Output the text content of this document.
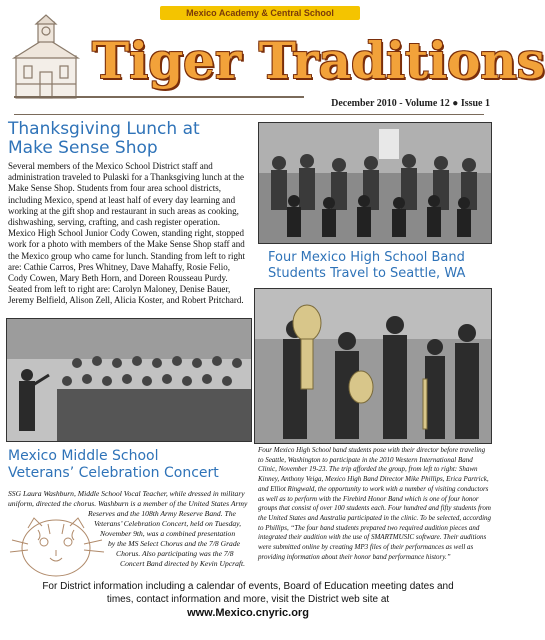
Mexico Academy & Central School
Tiger Traditions
December 2010 - Volume 12 ● Issue 1
Thanksgiving Lunch at
Make Sense Shop

Several members of the Mexico School District staff and administration traveled to Pulaski for a Thanksgiving lunch at the Make Sense Shop. Students from four area school districts, including Mexico, spend at least half of every day learning and working at the gift shop and restaurant in such areas as cooking, dishwashing, serving, crafting, and cash register operation. Mexico High School Junior Cody Cowen, standing right, stopped work for a photo with members of the Make Sense Shop staff and the Mexico group who came for lunch. Standing from left to right are: Cathie Carros, Pres Whitney, Dave Mahaffy, Rosie Felio, Cody Cowen, Mary Beth Horn, and Doreen Rousseau Purdy. Seated from left to right are: Carolyn Maloney, Denise Bauer, Jeremy Belfield, Alison Zell, Alicia Koster, and Robert Pritchard.

Four Mexico High School Band
Students Travel to Seattle, WA
Mexico Middle School
Veterans’ Celebration Concert

SSG Laura Washburn, Middle School Vocal Teacher, while dressed in military

uniform, directed the chorus. Washburn is a member of the United States Army

Reserves and the 108th Army Reserve Band. The

Veterans’ Celebration Concert, held on Tuesday,

November 9th, was a combined presentation

by the MS Select Chorus and the 7/8 Grade

Chorus. Also participating was the 7/8

Concert Band directed by Kevin Upcraft.

Four Mexico High School band students pose with their director before traveling to Seattle, Washington to participate in the 2010 Western International Band Clinic, November 19-23. The trip afforded the group, from left to right: Shawn Kinney, Anthony Veiga, Mexico High Band Director Mike Phillips, Erica Partrick, and Elliot Ringwald, the opportunity to work with a number of visiting conductors as well as to perform with the Firebird Honor Band which is one of four honor groups that consist of over 100 students each. Four hundred and fifty students from the United States and Australia participated in the clinic. To be selected, according to Phillips, “The four band students prepared two required audition pieces and integrated their audition with the use of SMARTMUSIC software. Their auditions were submitted online by creating MP3 files of their performances as well as providing information about their honor band performance history.”

For District information including a calendar of events, Board of Education meeting dates and
times, contact information and more, visit the District web site at
www.Mexico.cnyric.org
